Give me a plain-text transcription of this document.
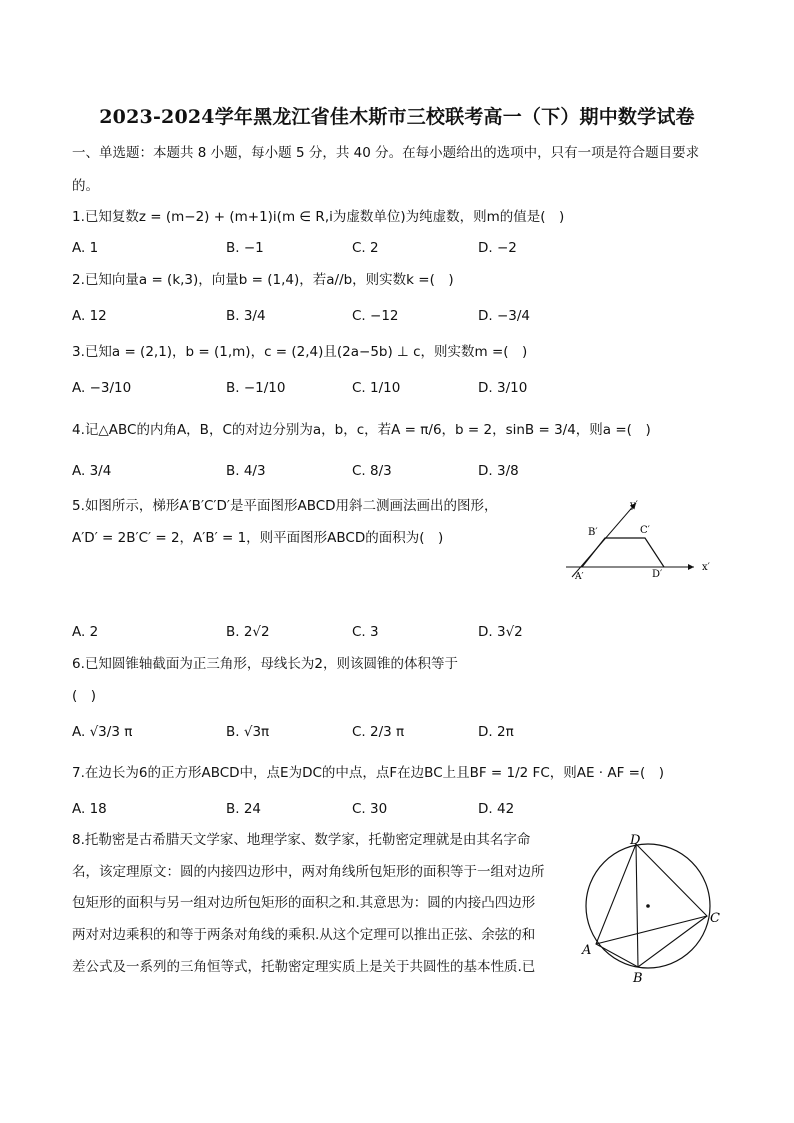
2023-2024学年黑龙江省佳木斯市三校联考高一（下）期中数学试卷
一、单选题：本题共 8 小题，每小题 5 分，共 40 分。在每小题给出的选项中，只有一项是符合题目要求
的。
1.已知复数z = (m−2) + (m+1)i(m ∈ R,i为虚数单位)为纯虚数，则m的值是(　)
A. 1	B. −1	C. 2	D. −2
2.已知向量a = (k,3)，向量b = (1,4)，若a//b，则实数k =(　)
A. 12	B. 3/4	C. −12	D. −3/4
3.已知a = (2,1)，b = (1,m)，c = (2,4)且(2a−5b) ⊥ c，则实数m =(　)
A. −3/10	B. −1/10	C. 1/10	D. 3/10
4.记△ABC的内角A，B，C的对边分别为a，b，c，若A = π/6，b = 2，sinB = 3/4，则a =(　)
A. 3/4	B. 4/3	C. 8/3	D. 3/8
5.如图所示，梯形A′B′C′D′是平面图形ABCD用斜二测画法画出的图形，
A′D′ = 2B′C′ = 2，A′B′ = 1，则平面图形ABCD的面积为(　)	B′	C′
A′	D′
x′
y′
A. 2	B. 2√2	C. 3	D. 3√2
6.已知圆锥轴截面为正三角形，母线长为2，则该圆锥的体积等于
(　)
A. √3/3 π	B. √3π	C. 2/3 π	D. 2π
7.在边长为6的正方形ABCD中，点E为DC的中点，点F在边BC上且BF = 1/2 FC，则AE · AF =(　)
A. 18	B. 24	C. 30	D. 42
8.托勒密是古希腊天文学家、地理学家、数学家，托勒密定理就是由其名字命
名，该定理原文：圆的内接四边形中，两对角线所包矩形的面积等于一组对边所
包矩形的面积与另一组对边所包矩形的面积之和.其意思为：圆的内接凸四边形
两对对边乘积的和等于两条对角线的乘积.从这个定理可以推出正弦、余弦的和
差公式及一系列的三角恒等式，托勒密定理实质上是关于共圆性的基本性质.已
D
C
A
B
